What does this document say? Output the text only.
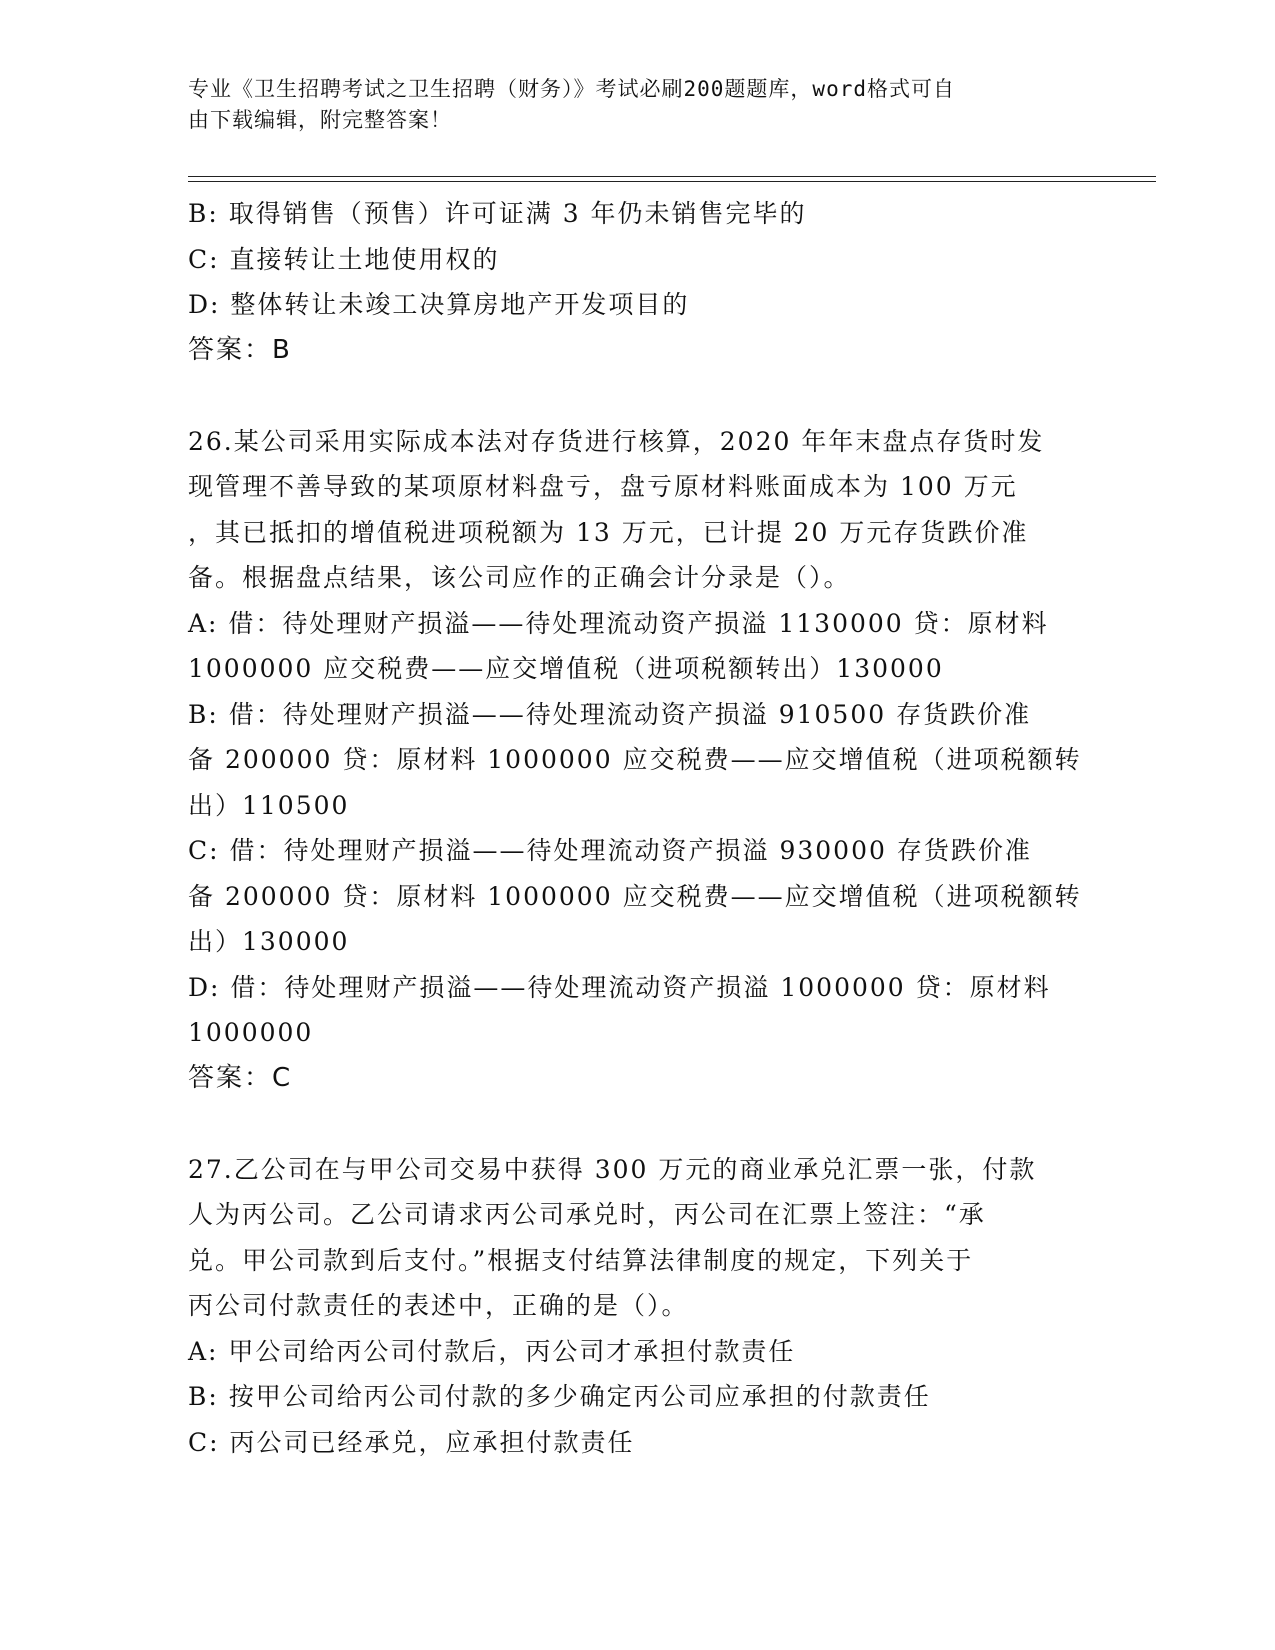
专业《卫生招聘考试之卫生招聘（财务）》考试必刷200题题库，word格式可自
由下载编辑，附完整答案！
B: 取得销售（预售）许可证满 3 年仍未销售完毕的
C: 直接转让土地使用权的
D: 整体转让未竣工决算房地产开发项目的
答案：B
26.某公司采用实际成本法对存货进行核算，2020 年年末盘点存货时发
现管理不善导致的某项原材料盘亏，盘亏原材料账面成本为 100 万元
，其已抵扣的增值税进项税额为 13 万元，已计提 20 万元存货跌价准
备。根据盘点结果，该公司应作的正确会计分录是（）。
A: 借：待处理财产损溢——待处理流动资产损溢 1130000 贷：原材料
1000000 应交税费——应交增值税（进项税额转出）130000
B: 借：待处理财产损溢——待处理流动资产损溢 910500 存货跌价准
备 200000 贷：原材料 1000000 应交税费——应交增值税（进项税额转
出）110500
C: 借：待处理财产损溢——待处理流动资产损溢 930000 存货跌价准
备 200000 贷：原材料 1000000 应交税费——应交增值税（进项税额转
出）130000
D: 借：待处理财产损溢——待处理流动资产损溢 1000000 贷：原材料
1000000
答案：C
27.乙公司在与甲公司交易中获得 300 万元的商业承兑汇票一张，付款
人为丙公司。乙公司请求丙公司承兑时，丙公司在汇票上签注：“承
兑。甲公司款到后支付。”根据支付结算法律制度的规定，下列关于
丙公司付款责任的表述中，正确的是（）。
A: 甲公司给丙公司付款后，丙公司才承担付款责任
B: 按甲公司给丙公司付款的多少确定丙公司应承担的付款责任
C: 丙公司已经承兑，应承担付款责任
